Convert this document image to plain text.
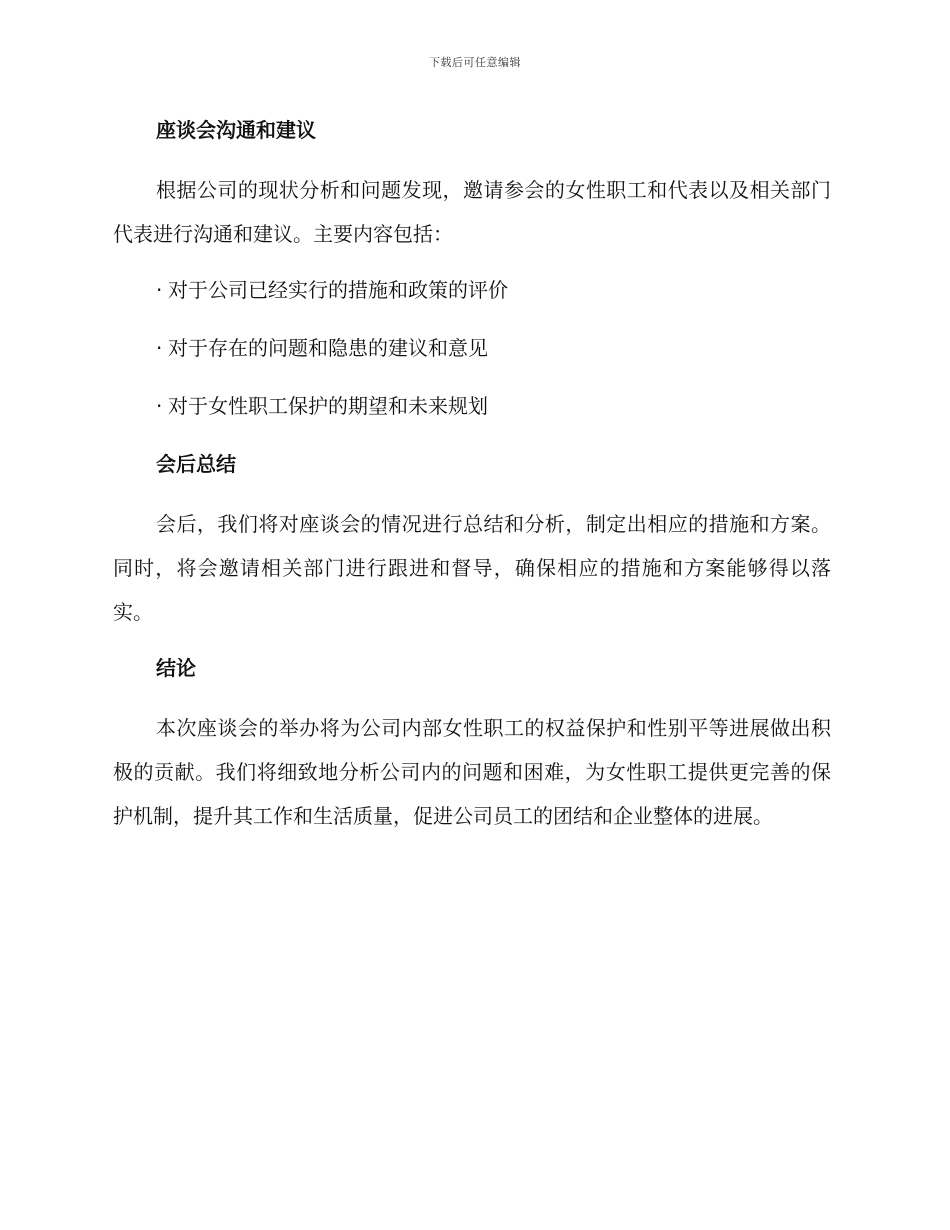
下载后可任意编辑
座谈会沟通和建议

根据公司的现状分析和问题发现，邀请参会的女性职工和代表以及相关部门代表进行沟通和建议。主要内容包括：

· 对于公司已经实行的措施和政策的评价
· 对于存在的问题和隐患的建议和意见
· 对于女性职工保护的期望和未来规划
会后总结

会后，我们将对座谈会的情况进行总结和分析，制定出相应的措施和方案。同时，将会邀请相关部门进行跟进和督导，确保相应的措施和方案能够得以落实。

结论

本次座谈会的举办将为公司内部女性职工的权益保护和性别平等进展做出积极的贡献。我们将细致地分析公司内的问题和困难，为女性职工提供更完善的保护机制，提升其工作和生活质量，促进公司员工的团结和企业整体的进展。
